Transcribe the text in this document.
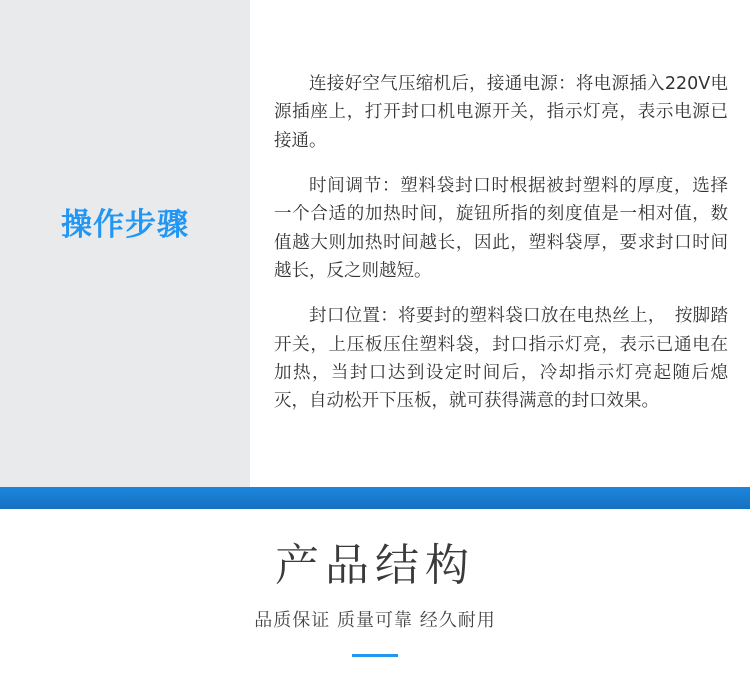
操作步骤

连接好空气压缩机后，接通电源：将电源插入220V电源插座上，打开封口机电源开关，指示灯亮，表示电源已接通。

时间调节：塑料袋封口时根据被封塑料的厚度，选择一个合适的加热时间，旋钮所指的刻度值是一相对值，数值越大则加热时间越长，因此，塑料袋厚，要求封口时间越长，反之则越短。

封口位置：将要封的塑料袋口放在电热丝上，　按脚踏开关，上压板压住塑料袋，封口指示灯亮，表示已通电在加热，当封口达到设定时间后，冷却指示灯亮起随后熄灭，自动松开下压板，就可获得满意的封口效果。

产品结构

品质保证 质量可靠 经久耐用
